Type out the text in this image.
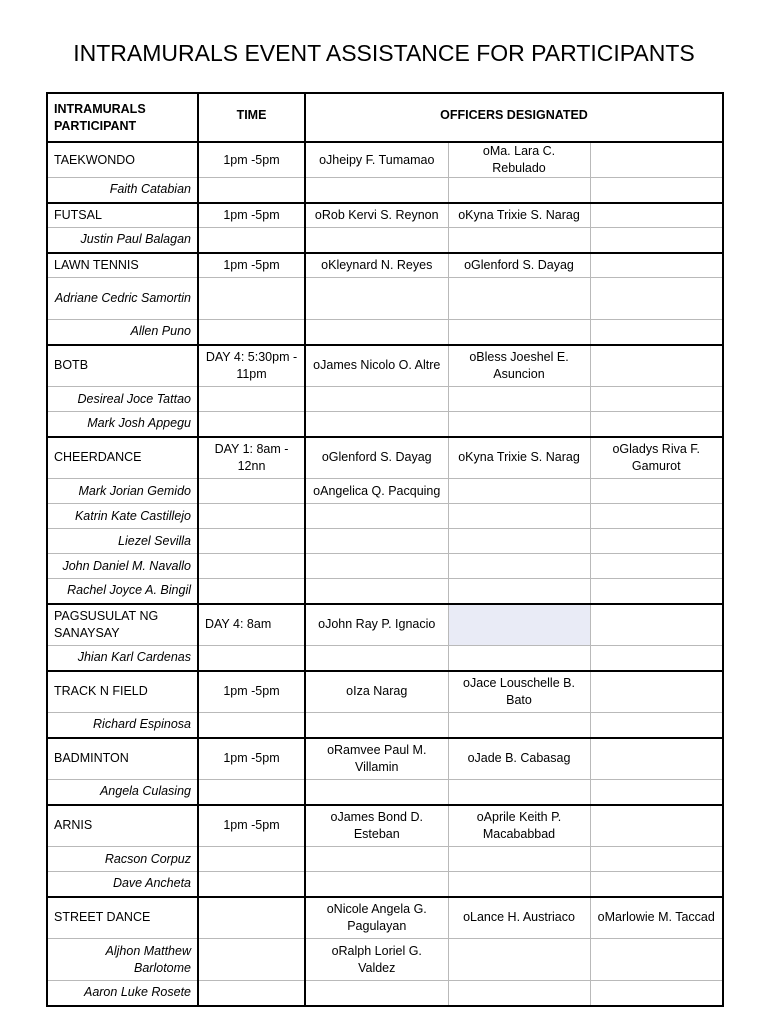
INTRAMURALS EVENT ASSISTANCE FOR PARTICIPANTS
INTRAMURALS
PARTICIPANT	TIME	OFFICERS DESIGNATED		
TAEKWONDO	1pm -5pm	oJheipy F. Tumamao	oMa. Lara C. Rebulado	
Faith Catabian				
FUTSAL	1pm -5pm	oRob Kervi S. Reynon	oKyna Trixie S. Narag	
Justin Paul Balagan				
LAWN TENNIS	1pm -5pm	oKleynard N. Reyes	oGlenford S. Dayag	
Adriane Cedric Samortin				
Allen Puno				
BOTB	DAY 4: 5:30pm - 11pm	oJames Nicolo O. Altre	oBless Joeshel E. Asuncion	
Desireal Joce Tattao				
Mark Josh Appegu				
CHEERDANCE	DAY 1: 8am - 12nn	oGlenford S. Dayag	oKyna Trixie S. Narag	oGladys Riva F. Gamurot
Mark Jorian Gemido		oAngelica Q. Pacquing		
Katrin Kate Castillejo				
Liezel Sevilla				
John Daniel M. Navallo				
Rachel Joyce A. Bingil				
PAGSUSULAT NG SANAYSAY	DAY 4: 8am	oJohn Ray P. Ignacio		
Jhian Karl Cardenas				
TRACK N FIELD	1pm -5pm	oIza Narag	oJace Louschelle B. Bato	
Richard Espinosa				
BADMINTON	1pm -5pm	oRamvee Paul M. Villamin	oJade B. Cabasag	
Angela Culasing				
ARNIS	1pm -5pm	oJames Bond D. Esteban	oAprile Keith P. Macababbad	
Racson Corpuz				
Dave Ancheta				
STREET DANCE		oNicole Angela G. Pagulayan	oLance H. Austriaco	oMarlowie M. Taccad
Aljhon Matthew Barlotome		oRalph Loriel G. Valdez		
Aaron Luke Rosete				
